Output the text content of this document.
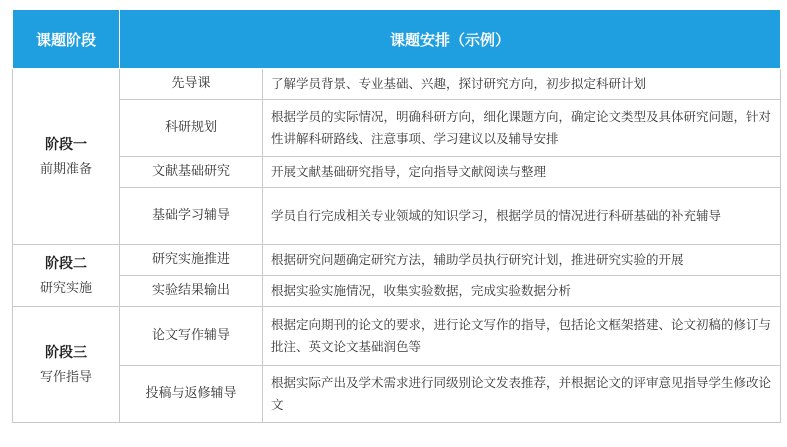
课题阶段	课题安排（示例）	

阶段一
前期准备	先导课	了解学员背景、专业基础、兴趣，探讨研究方向，初步拟定科研计划
	科研规划	根据学员的实际情况，明确科研方向，细化课题方向，确定论文类型及具体研究问题，针对性讲解科研路线、注意事项、学习建议以及辅导安排
	文献基础研究	开展文献基础研究指导，定向指导文献阅读与整理
	基础学习辅导	学员自行完成相关专业领域的知识学习，根据学员的情况进行科研基础的补充辅导

阶段二
研究实施	研究实施推进	根据研究问题确定研究方法，辅助学员执行研究计划，推进研究实验的开展
	实验结果输出	根据实验实施情况，收集实验数据，完成实验数据分析

阶段三
写作指导	论文写作辅导	根据定向期刊的论文的要求，进行论文写作的指导，包括论文框架搭建、论文初稿的修订与批注、英文论文基础润色等
	投稿与返修辅导	根据实际产出及学术需求进行同级别论文发表推荐，并根据论文的评审意见指导学生修改论文
